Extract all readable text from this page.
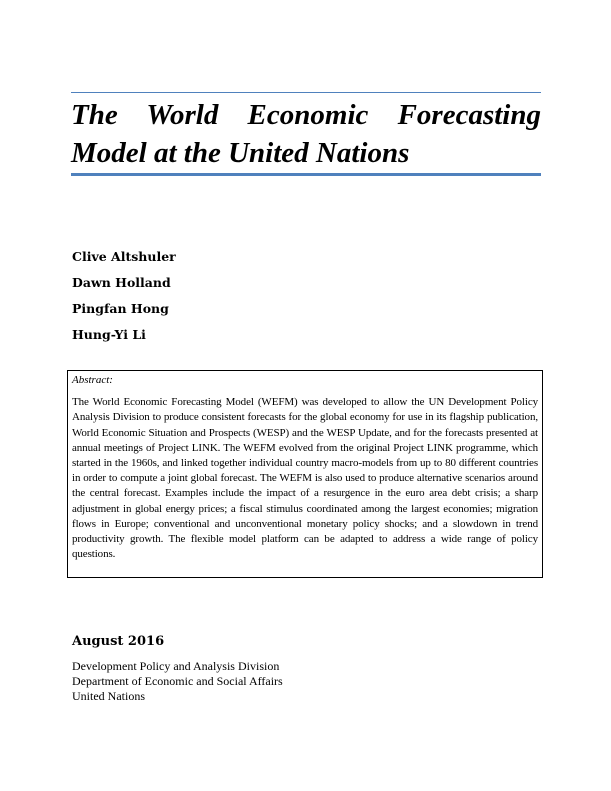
The World Economic Forecasting
Model at the United Nations
Clive Altshuler
Dawn Holland
Pingfan Hong
Hung-Yi Li

Abstract:

The World Economic Forecasting Model (WEFM) was developed to allow the UN Development Policy Analysis Division to produce consistent forecasts for the global economy for use in its flagship publication, World Economic Situation and Prospects (WESP) and the WESP Update, and for the forecasts presented at annual meetings of Project LINK. The WEFM evolved from the original Project LINK programme, which started in the 1960s, and linked together individual country macro-models from up to 80 different countries in order to compute a joint global forecast. The WEFM is also used to produce alternative scenarios around the central forecast. Examples include the impact of a resurgence in the euro area debt crisis; a sharp adjustment in global energy prices; a fiscal stimulus coordinated among the largest economies; migration flows in Europe; conventional and unconventional monetary policy shocks; and a slowdown in trend productivity growth. The flexible model platform can be adapted to address a wide range of policy questions.

August 2016

Development Policy and Analysis Division
Department of Economic and Social Affairs
United Nations
